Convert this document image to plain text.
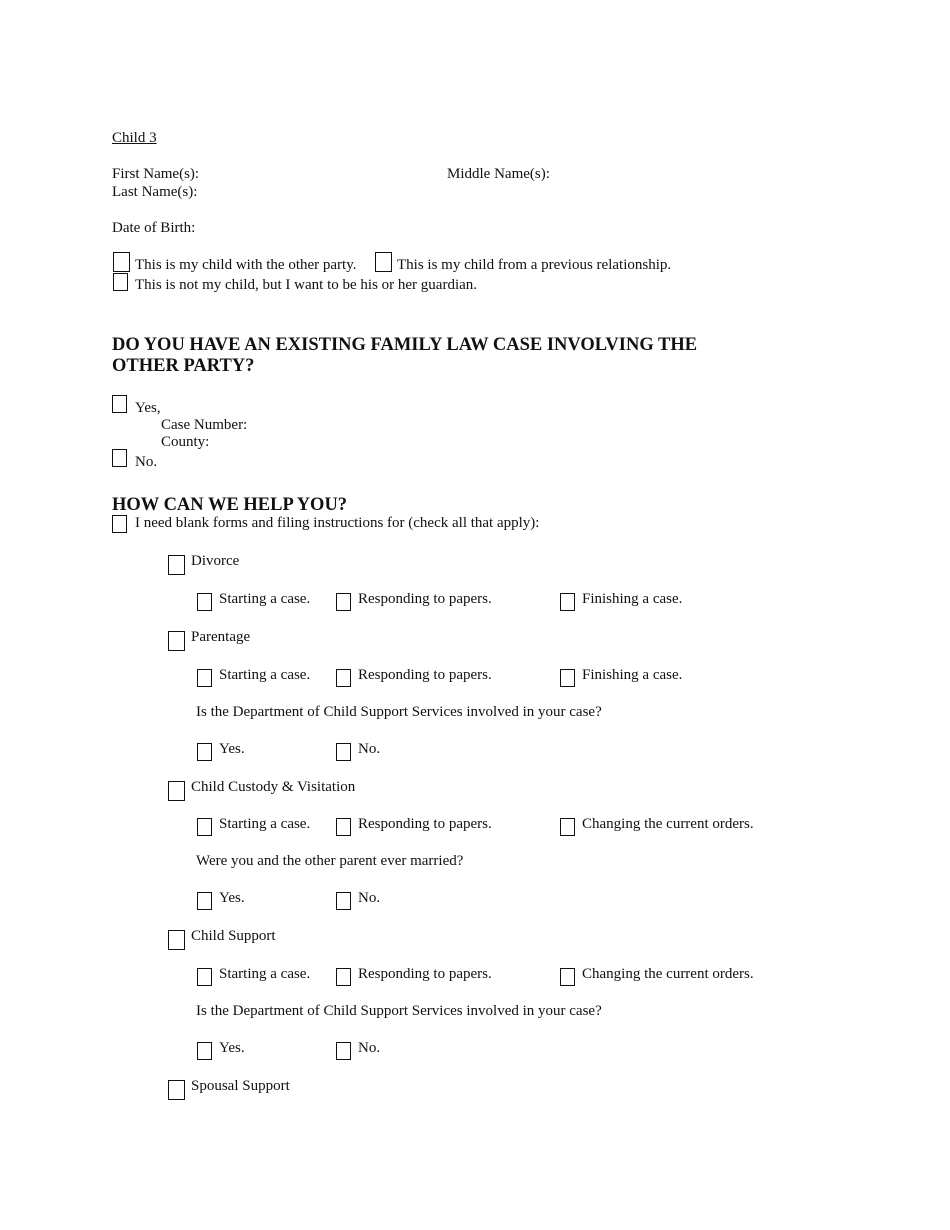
Child 3
First Name(s):	Middle Name(s):
Last Name(s):
Date of Birth:
This is my child with the other party.	This is my child from a previous relationship.
This is not my child, but I want to be his or her guardian.
DO YOU HAVE AN EXISTING FAMILY LAW CASE INVOLVING THE
OTHER PARTY?
Yes,
Case Number:
County:
No.
HOW CAN WE HELP YOU?
I need blank forms and filing instructions for (check all that apply):
Divorce
Starting a case.	Responding to papers.	Finishing a case.
Parentage
Starting a case.	Responding to papers.	Finishing a case.
Is the Department of Child Support Services involved in your case?
Yes.	No.
Child Custody & Visitation
Starting a case.	Responding to papers.	Changing the current orders.
Were you and the other parent ever married?
Yes.	No.
Child Support
Starting a case.	Responding to papers.	Changing the current orders.
Is the Department of Child Support Services involved in your case?
Yes.	No.
Spousal Support
